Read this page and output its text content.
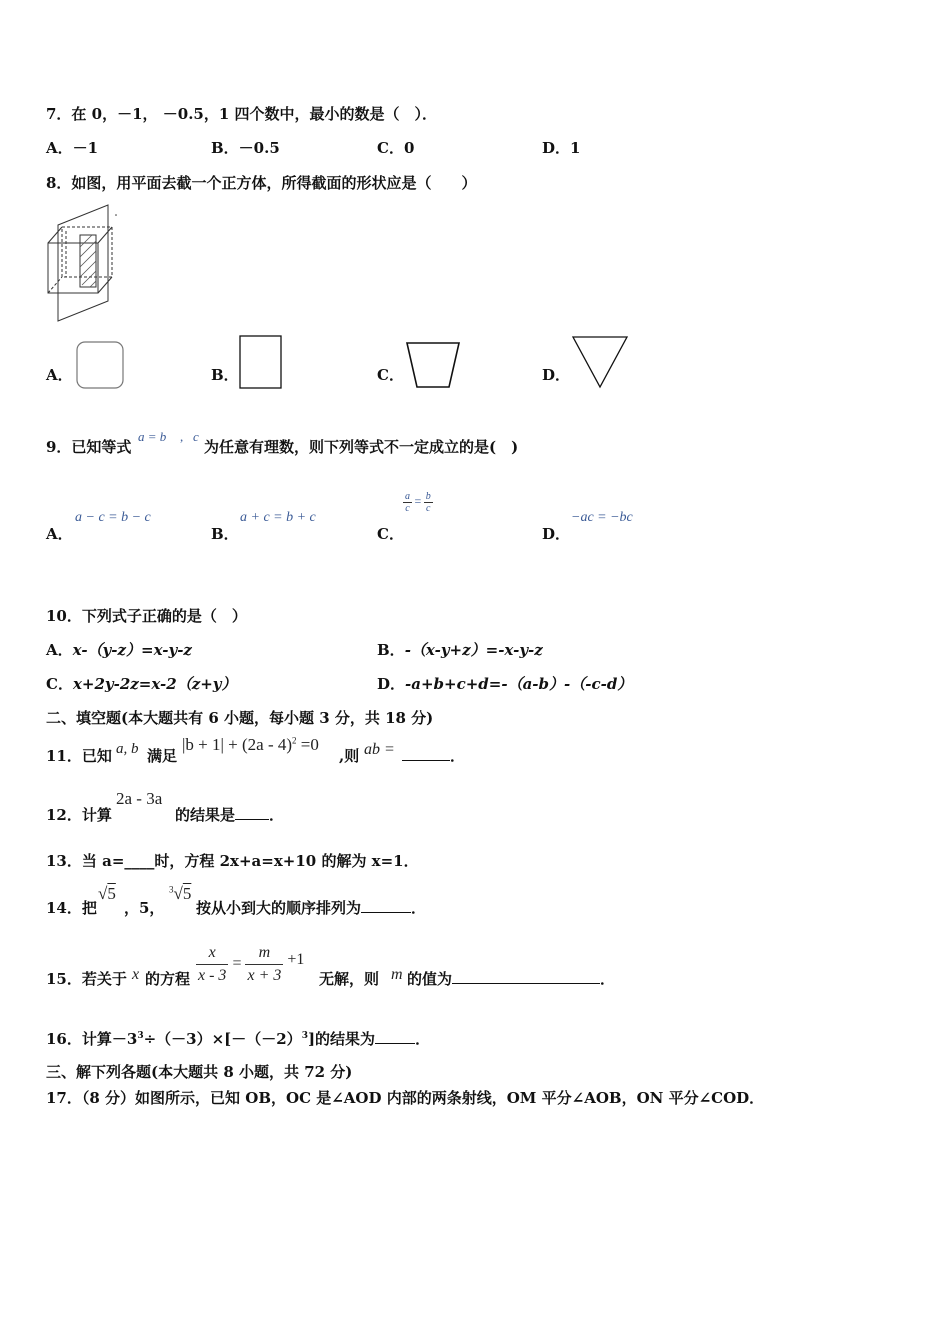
7．在 0，－1， －0.5，1 四个数中，最小的数是（　）．
A．－1	B．－0.5	C．0	D．1
8．如图，用平面去截一个正方体，所得截面的形状应是（　　）
A．	B．	C．	D．
9．已知等式
a = b , c
为任意有理数，则下列等式不一定成立的是(　)
A．
a − c = b − c
B．
a + c = b + c
C．
$\frac{a}{c} = \frac{b}{c}$
D．
−ac = −bc
10．下列式子正确的是（　）
A．x-（y-z）=x-y-z	B．-（x-y+z）=-x-y-z
C．x+2y-2z=x-2（z+y）	D．-a+b+c+d=-（a-b）-（-c-d）
二、填空题(本大题共有 6 小题，每小题 3 分，共 18 分)
11．已知 a, b 满足
|b + 1| + (2a - 4)$^2$ =0
,则 ab =	．
12．计算
2a - 3a
的结果是 ．
13．当 a=____时，方程 2x+a=x+10 的解为 x=1．
14．把
√5
，5，
$^3$√5
按从小到大的顺序排列为	．
15．若关于 x 的方程 $\frac{x}{x - 3} = \frac{m}{x + 3} +1$
无解，则 m 的值为	．
16．计算$-3^3\div(-3)\times[-(-2)^3]$的结果为	．
三、解下列各题(本大题共 8 小题，共 72 分)
17．（8 分）如图所示，已知 OB，OC 是∠AOD 内部的两条射线，OM 平分∠AOB，ON 平分∠COD．
